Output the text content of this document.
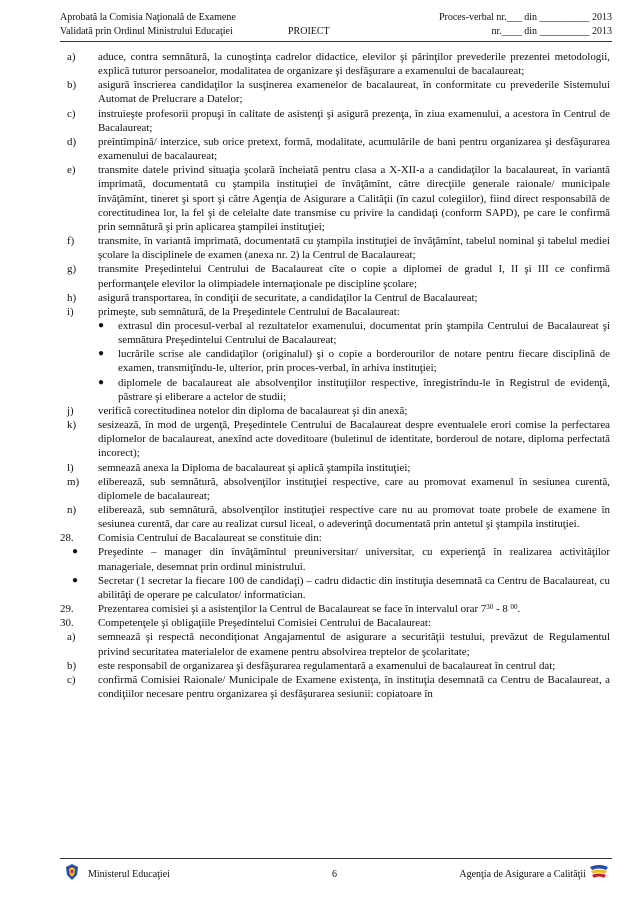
Aprobată la Comisia Naţională de Examene
Validată prin Ordinul Ministrului Educaţiei	PROIECT
Proces-verbal nr.___ din __________ 2013
nr.____ din __________ 2013
a) aduce, contra semnătură, la cunoştinţa cadrelor didactice, elevilor şi părinţilor prevederile prezentei metodologii, explică tuturor persoanelor, modalitatea de organizare şi desfăşurare a examenului de bacalaureat;
b) asigură înscrierea candidaţilor la susţinerea examenelor de bacalaureat, în conformitate cu prevederile Sistemului Automat de Prelucrare a Datelor;
c) instruieşte profesorii propuşi în calitate de asistenţi şi asigură prezenţa, în ziua examenului, a acestora în Centrul de Bacalaureat;
d) preîntîmpină/ interzice, sub orice pretext, formă, modalitate, acumulările de bani pentru organizarea şi desfăşurarea examenului de bacalaureat;
e) transmite datele privind situaţia şcolară încheiată pentru clasa a X-XII-a a candidaţilor la bacalaureat, în variantă imprimată, documentată cu ştampila instituţiei de învăţămînt, către direcţiile generale raionale/ municipale învăţămînt, tineret şi sport şi către Agenţia de Asigurare a Calităţii (în cazul colegiilor), fiind direct responsabilă de corectitudinea lor, la fel şi de celelalte date transmise cu privire la candidaţi (conform SAPD), pe care le confirmă prin semnătură şi prin aplicarea ştampilei instituţiei;
f) transmite, în variantă imprimată, documentată cu ştampila instituţiei de învăţămînt, tabelul nominal şi tabelul mediei şcolare la disciplinele de examen (anexa nr. 2) la Centrul de Bacalaureat;
g) transmite Preşedintelui Centrului de Bacalaureat cîte o copie a diplomei de gradul I, II şi III ce confirmă performanţele elevilor la olimpiadele internaţionale pe discipline şcolare;
h) asigură transportarea, în condiţii de securitate, a candidaţilor la Centrul de Bacalaureat;
i) primeşte, sub semnătură, de la Preşedintele Centrului de Bacalaureat:
● extrasul din procesul-verbal al rezultatelor examenului, documentat prin ştampila Centrului de Bacalaureat şi semnătura Preşedintelui Centrului de Bacalaureat;
● lucrările scrise ale candidaţilor (originalul) şi o copie a borderourilor de notare pentru fiecare disciplină de examen, transmiţîndu-le, ulterior, prin proces-verbal, în arhiva instituţiei;
● diplomele de bacalaureat ale absolvenţilor instituţiilor respective, înregistrîndu-le în Registrul de evidenţă, păstrare şi eliberare a actelor de studii;
j) verifică corectitudinea notelor din diploma de bacalaureat şi din anexă;
k) sesizează, în mod de urgenţă, Preşedintele Centrului de Bacalaureat despre eventualele erori comise la perfectarea diplomelor de bacalaureat, anexînd acte doveditoare (buletinul de identitate, borderoul de notare, diploma perfectată incorect);
l) semnează anexa la Diploma de bacalaureat şi aplică ştampila instituţiei;
m) eliberează, sub semnătură, absolvenţilor instituţiei respective, care au promovat examenul în sesiunea curentă, diplomele de bacalaureat;
n) eliberează, sub semnătură, absolvenţilor instituţiei respective care nu au promovat toate probele de examene în sesiunea curentă, dar care au realizat cursul liceal, o adeverinţă documentată prin antetul şi ştampila instituţiei.
28. Comisia Centrului de Bacalaureat se constituie din:
● Preşedinte – manager din învăţămîntul preuniversitar/ universitar, cu experienţă în realizarea activităţilor manageriale, desemnat prin ordinul ministrului.
● Secretar (1 secretar la fiecare 100 de candidaţi) – cadru didactic din instituţia desemnată ca Centru de Bacalaureat, cu abilităţi de operare pe calculator/ informatician.
29. Prezentarea comisiei şi a asistenţilor la Centrul de Bacalaureat se face în intervalul orar $7^{30} - 8$ $^{00}$.
30. Competenţele şi obligaţiile Preşedintelui Comisiei Centrului de Bacalaureat:
a) semnează şi respectă necondiţionat Angajamentul de asigurare a securităţii testului, prevăzut de Regulamentul privind securitatea materialelor de examene pentru absolvirea treptelor de şcolaritate;
b) este responsabil de organizarea şi desfăşurarea regulamentară a examenului de bacalaureat în centrul dat;
c) confirmă Comisiei Raionale/ Municipale de Examene existenţa, în instituţia desemnată ca Centru de Bacalaureat, a condiţiilor necesare pentru organizarea şi desfăşurarea sesiunii: copiatoare în
Ministerul Educaţiei	6	Agenţia de Asigurare a Calităţii
